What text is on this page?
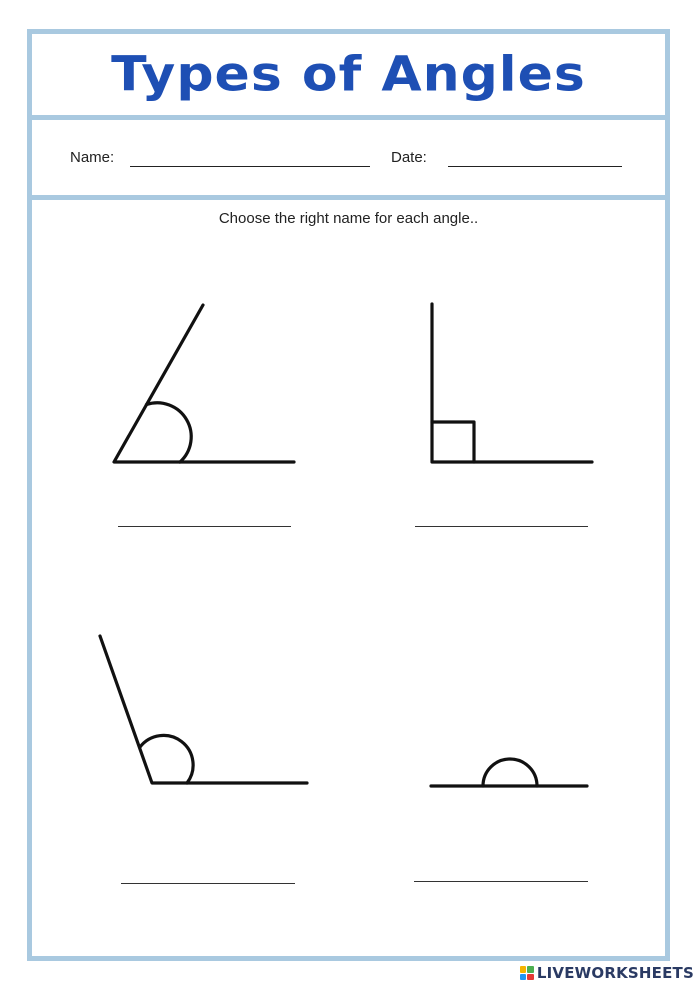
Types of Angles
Name:	Date:
Choose the right name for each angle..
LIVEWORKSHEETS
